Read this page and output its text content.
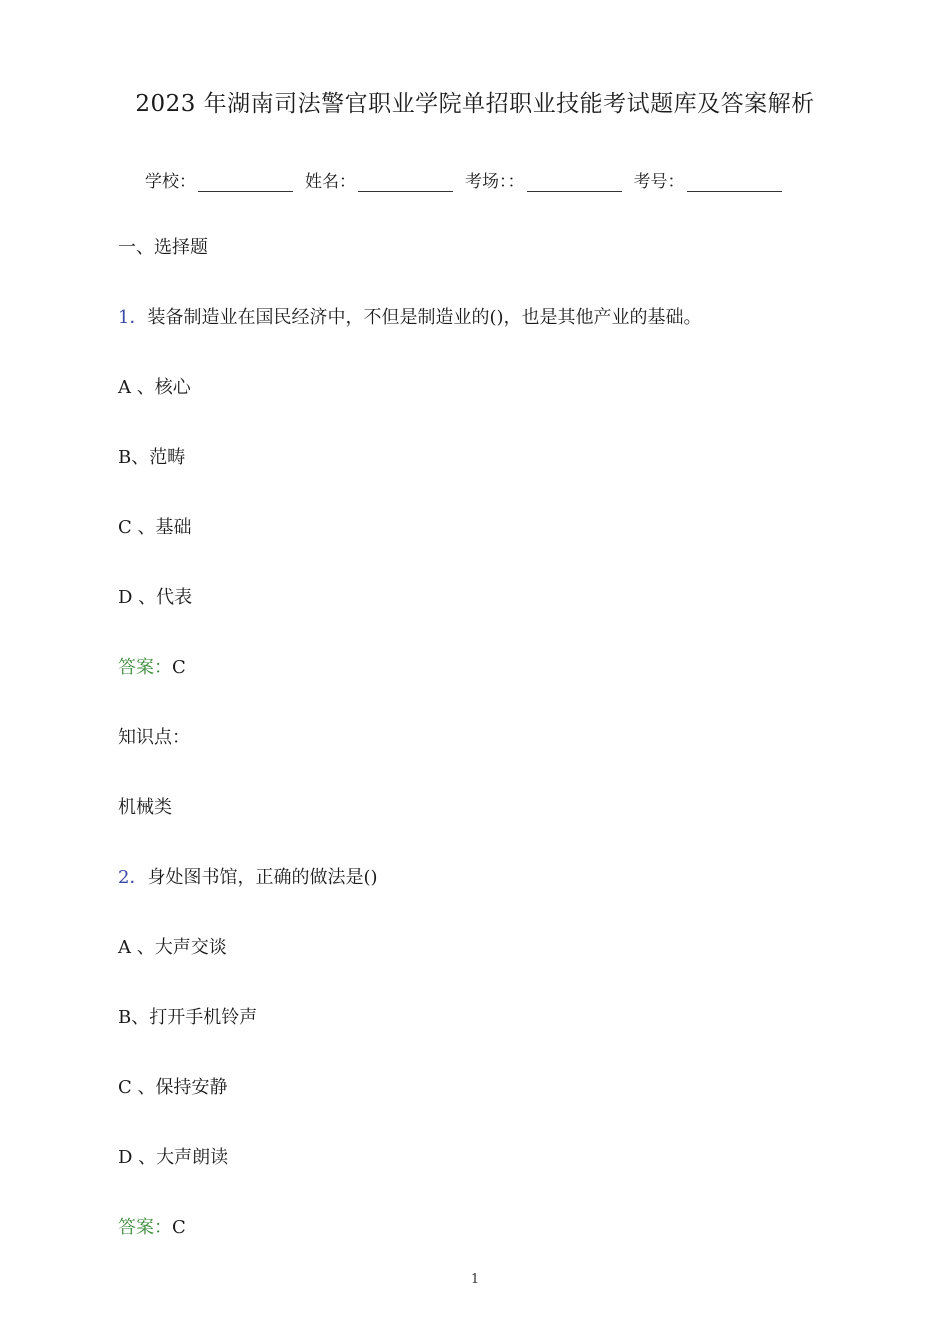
2023 年湖南司法警官职业学院单招职业技能考试题库及答案解析
学校：	姓名：	考场：：	考号：
一、选择题
1．装备制造业在国民经济中，不但是制造业的()，也是其他产业的基础。
A 、核心
B、范畴
C 、基础
D 、代表
答案：C
知识点：
机械类
2．身处图书馆，正确的做法是()
A 、大声交谈
B、打开手机铃声
C 、保持安静
D 、大声朗读
答案：C
1
